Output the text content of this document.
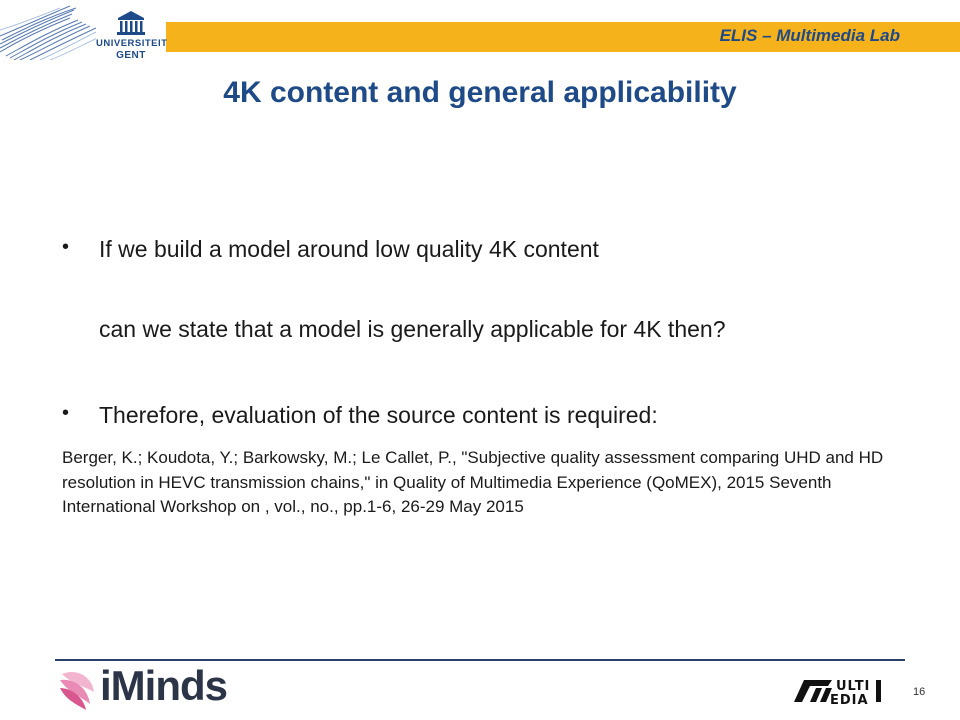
UNIVERSITEIT
GENT
ELIS – Multimedia Lab
4K content and general applicability
• If we build a model around low quality 4K content
can we state that a model is generally applicable for 4K then?
• Therefore, evaluation of the source content is required:
Berger, K.; Koudota, Y.; Barkowsky, M.; Le Callet, P., "Subjective quality assessment comparing UHD and HD resolution in HEVC transmission chains," in Quality of Multimedia Experience (QoMEX), 2015 Seventh International Workshop on , vol., no., pp.1-6, 26-29 May 2015
iMinds	ULTI
EDIA
16
